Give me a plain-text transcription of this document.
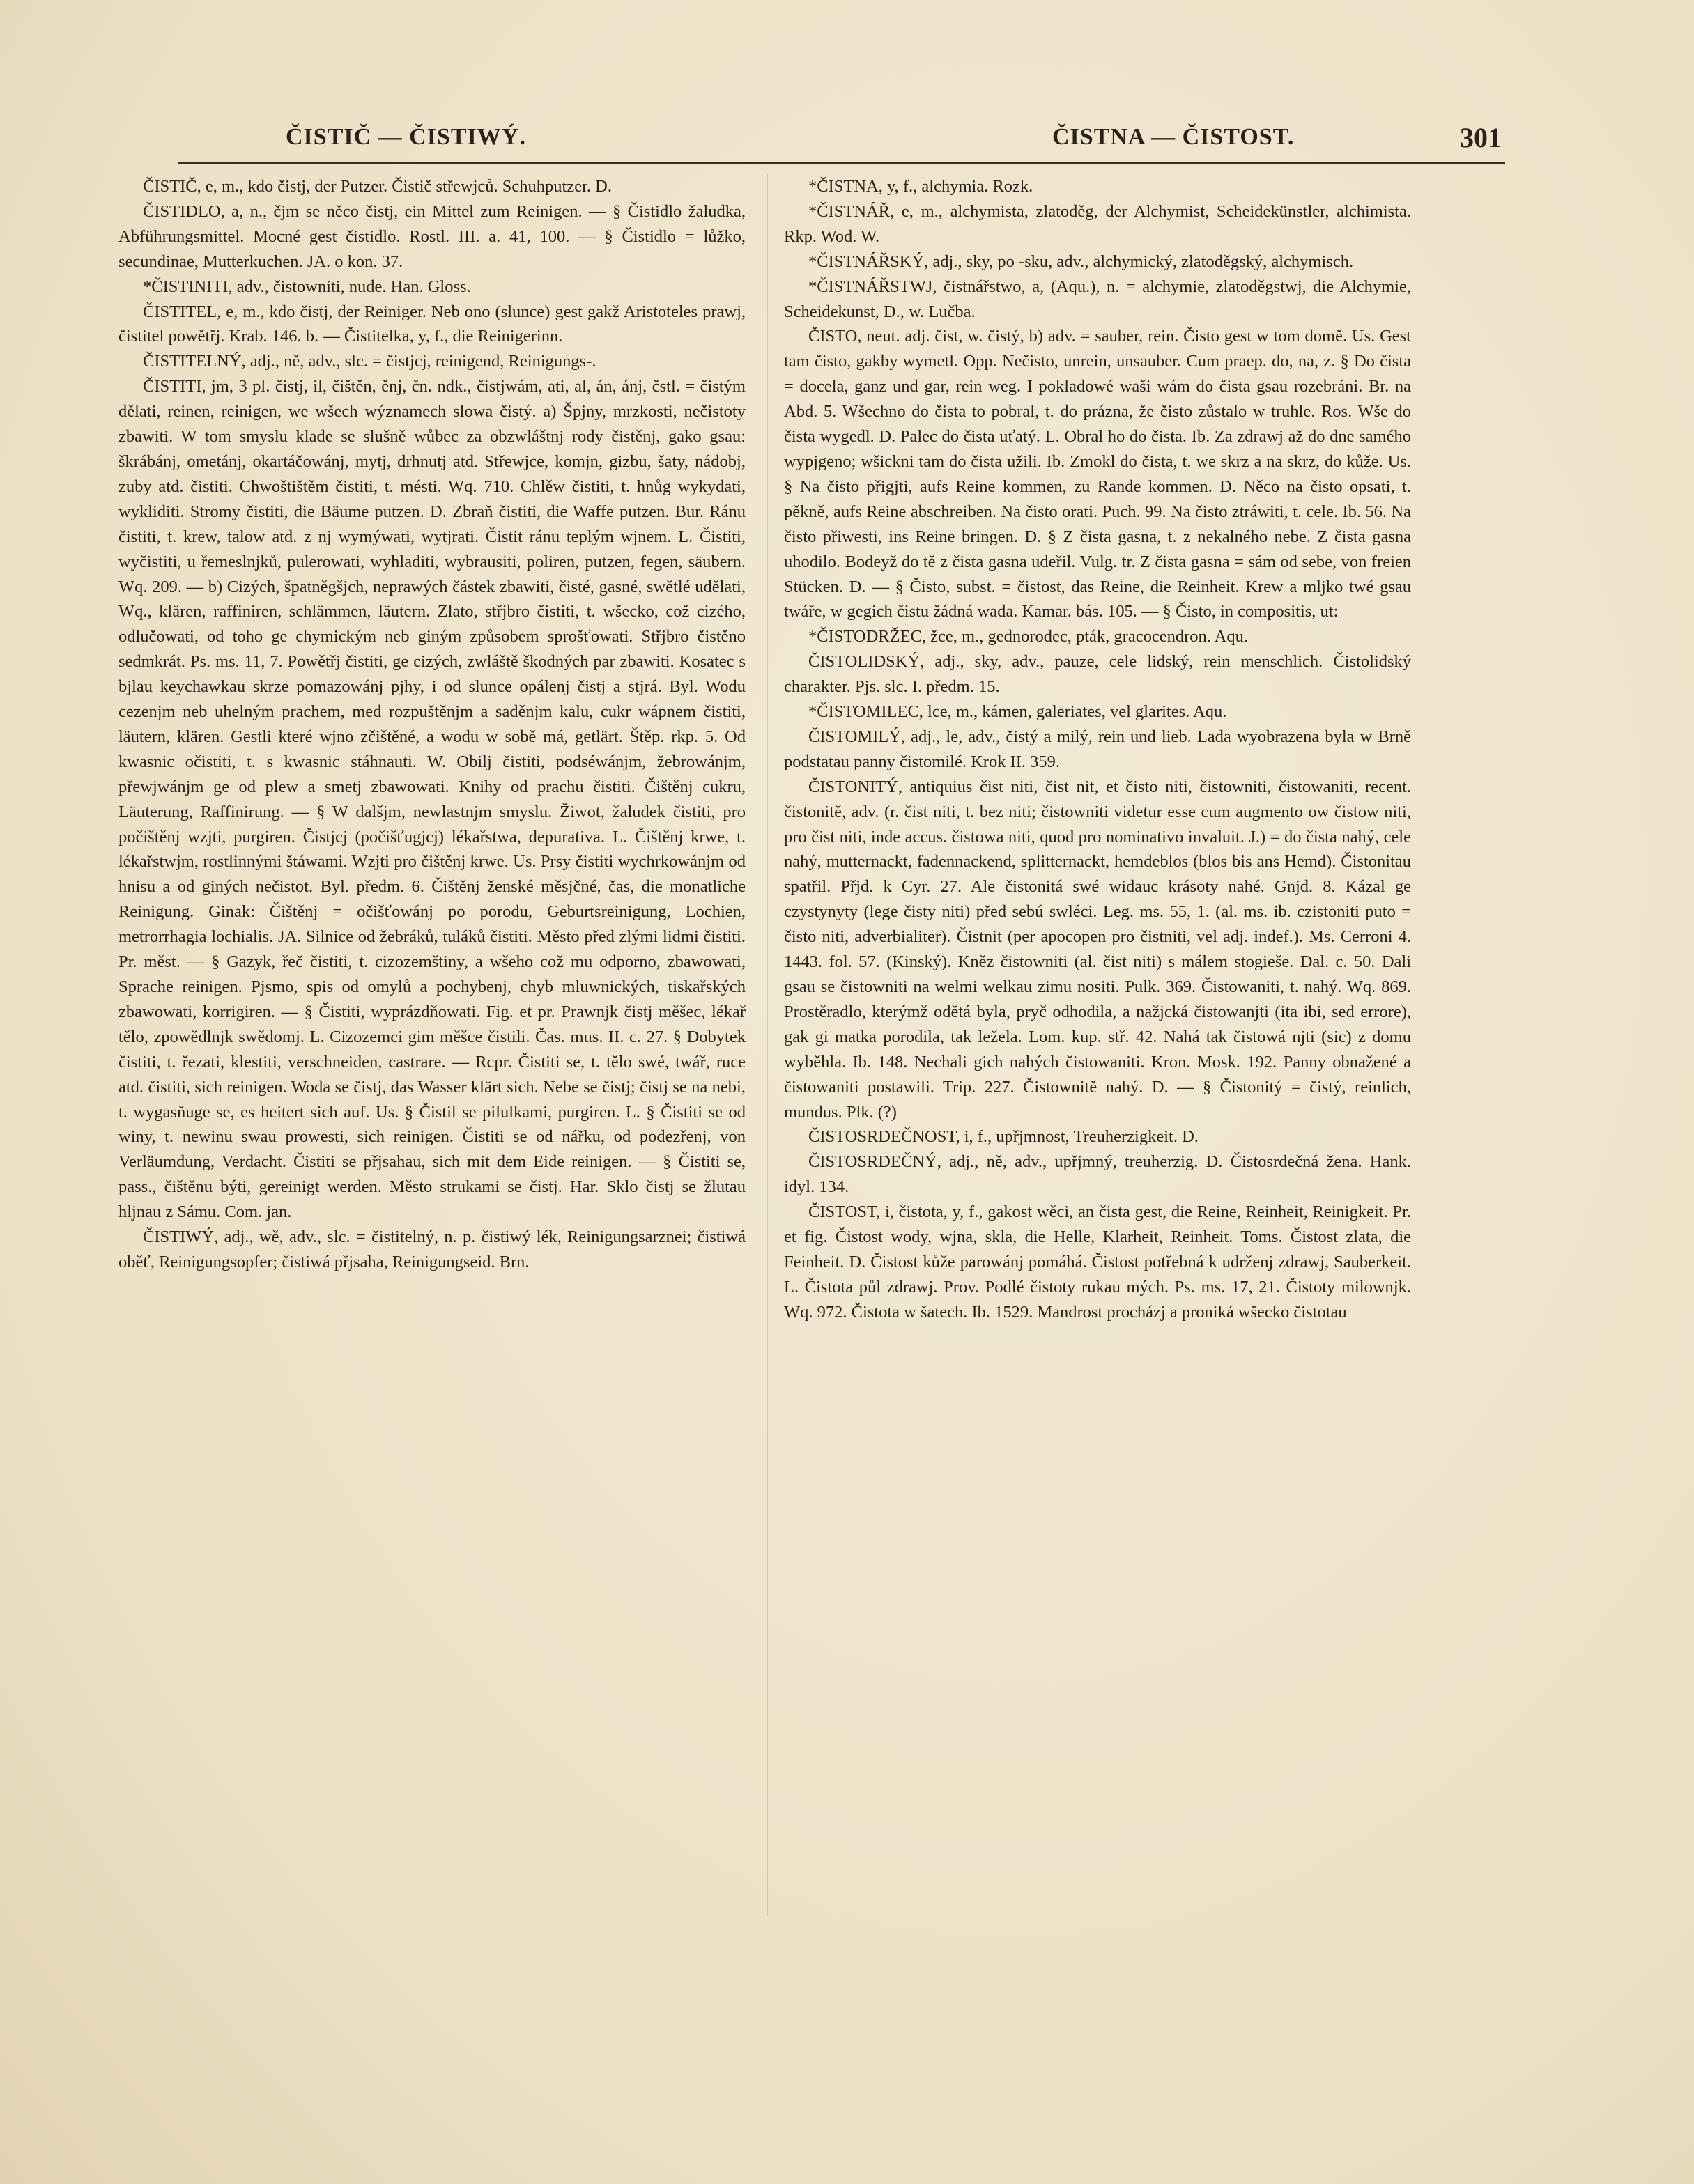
ČISTIČ — ČISTIWÝ.	ČISTNA — ČISTOST.	301

ČISTIČ, e, m., kdo čistj, der Putzer. Čistič střewjců. Schuhputzer. D.

ČISTIDLO, a, n., čjm se něco čistj, ein Mittel zum Reinigen. — § Čistidlo žaludka, Abführungsmittel. Mocné gest čistidlo. Rostl. III. a. 41, 100. — § Čistidlo = lůžko, secundinae, Mutterkuchen. JA. o kon. 37.

*ČISTINITI, adv., čistowniti, nude. Han. Gloss.

ČISTITEL, e, m., kdo čistj, der Reiniger. Neb ono (slunce) gest gakž Aristoteles prawj, čistitel powětřj. Krab. 146. b. — Čistitelka, y, f., die Reinigerinn.

ČISTITELNÝ, adj., ně, adv., slc. = čistjcj, reinigend, Reinigungs-.

ČISTITI, jm, 3 pl. čistj, il, čištěn, ěnj, čn. ndk., čistjwám, ati, al, án, ánj, čstl. = čistým dělati, reinen, reinigen, we wšech wýznamech slowa čistý. a) Špjny, mrzkosti, nečistoty zbawiti. W tom smyslu klade se slušně wůbec za obzwláštnj rody čistěnj, gako gsau: škrábánj, ometánj, okartáčowánj, mytj, drhnutj atd. Střewjce, komjn, gizbu, šaty, nádobj, zuby atd. čistiti. Chwoštištěm čistiti, t. mésti. Wq. 710. Chlěw čistiti, t. hnůg wykydati, wykliditi. Stromy čistiti, die Bäume putzen. D. Zbraň čistiti, die Waffe putzen. Bur. Ránu čistiti, t. krew, talow atd. z nj wymýwati, wytjrati. Čistit ránu teplým wjnem. L. Čistiti, wyčistiti, u řemeslnjků, pulerowati, wyhladiti, wybrausiti, poliren, putzen, fegen, säubern. Wq. 209. — b) Cizých, špatněgšjch, neprawých částek zbawiti, čisté, gasné, swětlé udělati, Wq., klären, raffiniren, schlämmen, läutern. Zlato, střjbro čistiti, t. wšecko, což cizého, odlučowati, od toho ge chymickým neb giným způsobem sprošťowati. Střjbro čistěno sedmkrát. Ps. ms. 11, 7. Powětřj čistiti, ge cizých, zwláště škodných par zbawiti. Kosatec s bjlau keychawkau skrze pomazowánj pjhy, i od slunce opálenj čistj a stjrá. Byl. Wodu cezenjm neb uhelným prachem, med rozpuštěnjm a saděnjm kalu, cukr wápnem čistiti, läutern, klären. Gestli které wjno zčištěné, a wodu w sobě má, getlärt. Štěp. rkp. 5. Od kwasnic očistiti, t. s kwasnic stáhnauti. W. Obilj čistiti, podséwánjm, žebrowánjm, přewjwánjm ge od plew a smetj zbawowati. Knihy od prachu čistiti. Čištěnj cukru, Läuterung, Raffinirung. — § W dalšjm, newlastnjm smyslu. Žiwot, žaludek čistiti, pro počištěnj wzjti, purgiren. Čistjcj (počišťugjcj) lékařstwa, depurativa. L. Čištěnj krwe, t. lékařstwjm, rostlinnými štáwami. Wzjti pro čištěnj krwe. Us. Prsy čistiti wychrkowánjm od hnisu a od giných nečistot. Byl. předm. 6. Čištěnj ženské měsjčné, čas, die monatliche Reinigung. Ginak: Čištěnj = očišťowánj po porodu, Geburtsreinigung, Lochien, metrorrhagia lochialis. JA. Silnice od žebráků, tuláků čistiti. Město před zlými lidmi čistiti. Pr. měst. — § Gazyk, řeč čistiti, t. cizozemštiny, a wšeho což mu odporno, zbawowati, Sprache reinigen. Pjsmo, spis od omylů a pochybenj, chyb mluwnických, tiskařských zbawowati, korrigiren. — § Čistiti, wyprázdňowati. Fig. et pr. Prawnjk čistj měšec, lékař tělo, zpowědlnjk swědomj. L. Cizozemci gim měšce čistili. Čas. mus. II. c. 27. § Dobytek čistiti, t. řezati, klestiti, verschneiden, castrare. — Rcpr. Čistiti se, t. tělo swé, twář, ruce atd. čistiti, sich reinigen. Woda se čistj, das Wasser klärt sich. Nebe se čistj; čistj se na nebi, t. wygasňuge se, es heitert sich auf. Us. § Čistil se pilulkami, purgiren. L. § Čistiti se od winy, t. newinu swau prowesti, sich reinigen. Čistiti se od nářku, od podezřenj, von Verläumdung, Verdacht. Čistiti se přjsahau, sich mit dem Eide reinigen. — § Čistiti se, pass., čištěnu býti, gereinigt werden. Město strukami se čistj. Har. Sklo čistj se žlutau hljnau z Sámu. Com. jan.

ČISTIWÝ, adj., wě, adv., slc. = čistitelný, n. p. čistiwý lék, Reinigungsarznei; čistiwá oběť, Reinigungsopfer; čistiwá přjsaha, Reinigungseid. Brn.

*ČISTNA, y, f., alchymia. Rozk.

*ČISTNÁŘ, e, m., alchymista, zlatoděg, der Alchymist, Scheidekünstler, alchimista. Rkp. Wod. W.

*ČISTNÁŘSKÝ, adj., sky, po -sku, adv., alchymický, zlatoděgský, alchymisch.

*ČISTNÁŘSTWJ, čistnářstwo, a, (Aqu.), n. = alchymie, zlatoděgstwj, die Alchymie, Scheidekunst, D., w. Lučba.

ČISTO, neut. adj. čist, w. čistý, b) adv. = sauber, rein. Čisto gest w tom domě. Us. Gest tam čisto, gakby wymetl. Opp. Nečisto, unrein, unsauber. Cum praep. do, na, z. § Do čista = docela, ganz und gar, rein weg. I pokladowé waši wám do čista gsau rozebráni. Br. na Abd. 5. Wšechno do čista to pobral, t. do prázna, že čisto zůstalo w truhle. Ros. Wše do čista wygedl. D. Palec do čista uťatý. L. Obral ho do čista. Ib. Za zdrawj až do dne saméhо wypjgeno; wšickni tam do čista užili. Ib. Zmokl do čista, t. we skrz a na skrz, do kůže. Us. § Na čisto přigjti, aufs Reine kommen, zu Rande kommen. D. Něco na čisto opsati, t. pěkně, aufs Reine abschreiben. Na čisto orati. Puch. 99. Na čisto ztráwiti, t. cele. Ib. 56. Na čisto přiwesti, ins Reine bringen. D. § Z čista gasna, t. z nekalného nebe. Z čista gasna uhodilo. Bodeyž do tě z čista gasna udeřil. Vulg. tr. Z čista gasna = sám od sebe, von freien Stücken. D. — § Čisto, subst. = čistost, das Reine, die Reinheit. Krew a mljko twé gsau twáře, w gegich čistu žádná wada. Kamar. bás. 105. — § Čisto, in compositis, ut:

*ČISTODRŽEC, žce, m., gednorodec, pták, gracocendron. Aqu.

ČISTOLIDSKÝ, adj., sky, adv., pauze, cele lidský, rein menschlich. Čistolidský charakter. Pjs. slc. I. předm. 15.

*ČISTOMILEC, lce, m., kámen, galeriates, vel glarites. Aqu.

ČISTOMILÝ, adj., le, adv., čistý a milý, rein und lieb. Lada wyobrazena byla w Brně podstatau panny čistomilé. Krok II. 359.

ČISTONITÝ, antiquius čist niti, čist nit, et čisto niti, čistowniti, čistowaniti, recent. čistonitě, adv. (r. čist niti, t. bez niti; čistowniti videtur esse cum augmento ow čistow niti, pro čist niti, inde accus. čistowa niti, quod pro nominativo invaluit. J.) = do čista nahý, cele nahý, mutternackt, fadennackend, splitternackt, hemdeblos (blos bis ans Hemd). Čistonitau spatřil. Přjd. k Cyr. 27. Ale čistonitá swé widauc krásoty nahé. Gnjd. 8. Kázal ge czystynyty (lege čisty niti) před sebú swléci. Leg. ms. 55, 1. (al. ms. ib. czistoniti puto = čisto niti, adverbialiter). Čistnit (per apocopen pro čistniti, vel adj. indef.). Ms. Cerroni 4. 1443. fol. 57. (Kinský). Kněz čistowniti (al. čist niti) s málem stogieše. Dal. c. 50. Dali gsau se čistowniti na welmi welkau zimu nositi. Pulk. 369. Čistowaniti, t. nahý. Wq. 869. Prostěradlo, kterýmž odětá byla, pryč odhodila, a nažjcká čistowanjti (ita ibi, sed errore), gak gi matka porodila, tak ležela. Lom. kup. stř. 42. Nahá tak čistowá njti (sic) z domu wyběhla. Ib. 148. Nechali gich nahých čistowaniti. Kron. Mosk. 192. Panny obnažené a čistowaniti postawili. Trip. 227. Čistownitě nahý. D. — § Čistonitý = čistý, reinlich, mundus. Plk. (?)

ČISTOSRDEČNOST, i, f., upřjmnost, Treuherzigkeit. D.

ČISTOSRDEČNÝ, adj., ně, adv., upřjmný, treuherzig. D. Čistosrdečná žena. Hank. idyl. 134.

ČISTOST, i, čistota, y, f., gakost wěci, an čista gest, die Reine, Reinheit, Reinigkeit. Pr. et fig. Čistost wody, wjna, skla, die Helle, Klarheit, Reinheit. Toms. Čistost zlata, die Feinheit. D. Čistost kůže parowánj pomáhá. Čistost potřebná k udrženj zdrawj, Sauberkeit. L. Čistota půl zdrawj. Prov. Podlé čistoty rukau mých. Ps. ms. 17, 21. Čistoty milownjk. Wq. 972. Čistota w šatech. Ib. 1529. Mandrost procházj a proniká wšecko čistotau
